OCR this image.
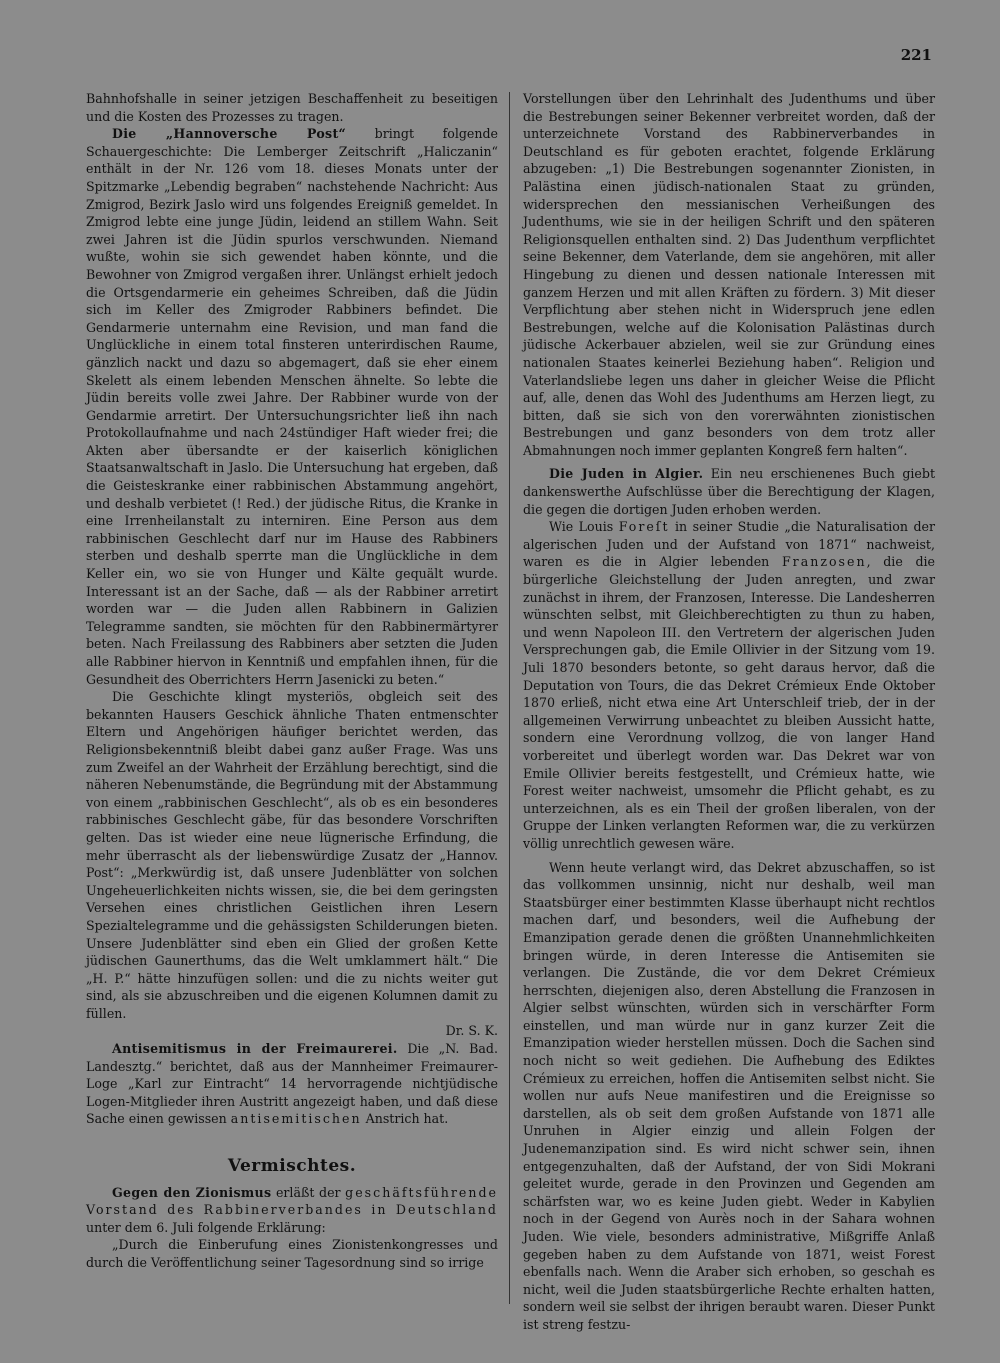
221

Bahnhofshalle in seiner jetzigen Beschaffenheit zu beseitigen und die Kosten des Prozesses zu tragen.

Die „Hannoversche Post“ bringt folgende Schauergeschichte: Die Lemberger Zeitschrift „Haliczanin“ enthält in der Nr. 126 vom 18. dieses Monats unter der Spitzmarke „Lebendig begraben“ nachstehende Nachricht: Aus Zmigrod, Bezirk Jaslo wird uns folgendes Ereigniß gemeldet. In Zmigrod lebte eine junge Jüdin, leidend an stillem Wahn. Seit zwei Jahren ist die Jüdin spurlos verschwunden. Niemand wußte, wohin sie sich gewendet haben könnte, und die Bewohner von Zmigrod vergaßen ihrer. Unlängst erhielt jedoch die Ortsgendarmerie ein geheimes Schreiben, daß die Jüdin sich im Keller des Zmigroder Rabbiners befindet. Die Gendarmerie unternahm eine Revision, und man fand die Unglückliche in einem total finsteren unterirdischen Raume, gänzlich nackt und dazu so abgemagert, daß sie eher einem Skelett als einem lebenden Menschen ähnelte. So lebte die Jüdin bereits volle zwei Jahre. Der Rabbiner wurde von der Gendarmie arretirt. Der Untersuchungsrichter ließ ihn nach Protokollaufnahme und nach 24stündiger Haft wieder frei; die Akten aber übersandte er der kaiserlich königlichen Staatsanwaltschaft in Jaslo. Die Untersuchung hat ergeben, daß die Geisteskranke einer rabbinischen Abstammung angehört, und deshalb verbietet (! Red.) der jüdische Ritus, die Kranke in eine Irrenheilanstalt zu interniren. Eine Person aus dem rabbinischen Geschlecht darf nur im Hause des Rabbiners sterben und deshalb sperrte man die Unglückliche in dem Keller ein, wo sie von Hunger und Kälte gequält wurde. Interessant ist an der Sache, daß — als der Rabbiner arretirt worden war — die Juden allen Rabbinern in Galizien Telegramme sandten, sie möchten für den Rabbinermärtyrer beten. Nach Freilassung des Rabbiners aber setzten die Juden alle Rabbiner hiervon in Kenntniß und empfahlen ihnen, für die Gesundheit des Oberrichters Herrn Jasenicki zu beten.“

Die Geschichte klingt mysteriös, obgleich seit des bekannten Hausers Geschick ähnliche Thaten entmenschter Eltern und Angehörigen häufiger berichtet werden, das Religionsbekenntniß bleibt dabei ganz außer Frage. Was uns zum Zweifel an der Wahrheit der Erzählung berechtigt, sind die näheren Nebenumstände, die Begründung mit der Abstammung von einem „rabbinischen Geschlecht“, als ob es ein besonderes rabbinisches Geschlecht gäbe, für das besondere Vorschriften gelten. Das ist wieder eine neue lügnerische Erfindung, die mehr überrascht als der liebenswürdige Zusatz der „Hannov. Post“: „Merkwürdig ist, daß unsere Judenblätter von solchen Ungeheuerlichkeiten nichts wissen, sie, die bei dem geringsten Versehen eines christlichen Geistlichen ihren Lesern Spezialtelegramme und die gehässigsten Schilderungen bieten. Unsere Judenblätter sind eben ein Glied der großen Kette jüdischen Gaunerthums, das die Welt umklammert hält.“ Die „H. P.“ hätte hinzufügen sollen: und die zu nichts weiter gut sind, als sie abzuschreiben und die eigenen Kolumnen damit zu füllen.
Dr. S. K.

Antisemitismus in der Freimaurerei. Die „N. Bad. Landesztg.“ berichtet, daß aus der Mannheimer Freimaurer-Loge „Karl zur Eintracht“ 14 hervorragende nichtjüdische Logen-Mitglieder ihren Austritt angezeigt haben, und daß diese Sache einen gewissen antisemitischen Anstrich hat.

Vermischtes.

Gegen den Zionismus erläßt der geschäftsführende Vorstand des Rabbinerverbandes in Deutschland unter dem 6. Juli folgende Erklärung:

„Durch die Einberufung eines Zionistenkongresses und durch die Veröffentlichung seiner Tagesordnung sind so irrige

Vorstellungen über den Lehrinhalt des Judenthums und über die Bestrebungen seiner Bekenner verbreitet worden, daß der unterzeichnete Vorstand des Rabbinerverbandes in Deutschland es für geboten erachtet, folgende Erklärung abzugeben: „1) Die Bestrebungen sogenannter Zionisten, in Palästina einen jüdisch-nationalen Staat zu gründen, widersprechen den messianischen Verheißungen des Judenthums, wie sie in der heiligen Schrift und den späteren Religionsquellen enthalten sind. 2) Das Judenthum verpflichtet seine Bekenner, dem Vaterlande, dem sie angehören, mit aller Hingebung zu dienen und dessen nationale Interessen mit ganzem Herzen und mit allen Kräften zu fördern. 3) Mit dieser Verpflichtung aber stehen nicht in Widerspruch jene edlen Bestrebungen, welche auf die Kolonisation Palästinas durch jüdische Ackerbauer abzielen, weil sie zur Gründung eines nationalen Staates keinerlei Beziehung haben“. Religion und Vaterlandsliebe legen uns daher in gleicher Weise die Pflicht auf, alle, denen das Wohl des Judenthums am Herzen liegt, zu bitten, daß sie sich von den vorerwähnten zionistischen Bestrebungen und ganz besonders von dem trotz aller Abmahnungen noch immer geplanten Kongreß fern halten“.

Die Juden in Algier. Ein neu erschienenes Buch giebt dankenswerthe Aufschlüsse über die Berechtigung der Klagen, die gegen die dortigen Juden erhoben werden.

Wie Louis Foreſt in seiner Studie „die Naturalisation der algerischen Juden und der Aufstand von 1871“ nachweist, waren es die in Algier lebenden Franzosen, die die bürgerliche Gleichstellung der Juden anregten, und zwar zunächst in ihrem, der Franzosen, Interesse. Die Landesherren wünschten selbst, mit Gleichberechtigten zu thun zu haben, und wenn Napoleon III. den Vertretern der algerischen Juden Versprechungen gab, die Emile Ollivier in der Sitzung vom 19. Juli 1870 besonders betonte, so geht daraus hervor, daß die Deputation von Tours, die das Dekret Crémieux Ende Oktober 1870 erließ, nicht etwa eine Art Unterschleif trieb, der in der allgemeinen Verwirrung unbeachtet zu bleiben Aussicht hatte, sondern eine Verordnung vollzog, die von langer Hand vorbereitet und überlegt worden war. Das Dekret war von Emile Ollivier bereits festgestellt, und Crémieux hatte, wie Forest weiter nachweist, umsomehr die Pflicht gehabt, es zu unterzeichnen, als es ein Theil der großen liberalen, von der Gruppe der Linken verlangten Reformen war, die zu verkürzen völlig unrechtlich gewesen wäre.

Wenn heute verlangt wird, das Dekret abzuschaffen, so ist das vollkommen unsinnig, nicht nur deshalb, weil man Staatsbürger einer bestimmten Klasse überhaupt nicht rechtlos machen darf, und besonders, weil die Aufhebung der Emanzipation gerade denen die größten Unannehmlichkeiten bringen würde, in deren Interesse die Antisemiten sie verlangen. Die Zustände, die vor dem Dekret Crémieux herrschten, diejenigen also, deren Abstellung die Franzosen in Algier selbst wünschten, würden sich in verschärfter Form einstellen, und man würde nur in ganz kurzer Zeit die Emanzipation wieder herstellen müssen. Doch die Sachen sind noch nicht so weit gediehen. Die Aufhebung des Ediktes Crémieux zu erreichen, hoffen die Antisemiten selbst nicht. Sie wollen nur aufs Neue manifestiren und die Ereignisse so darstellen, als ob seit dem großen Aufstande von 1871 alle Unruhen in Algier einzig und allein Folgen der Judenemanzipation sind. Es wird nicht schwer sein, ihnen entgegenzuhalten, daß der Aufstand, der von Sidi Mokrani geleitet wurde, gerade in den Provinzen und Gegenden am schärfsten war, wo es keine Juden giebt. Weder in Kabylien noch in der Gegend von Aurès noch in der Sahara wohnen Juden. Wie viele, besonders administrative, Mißgriffe Anlaß gegeben haben zu dem Aufstande von 1871, weist Forest ebenfalls nach. Wenn die Araber sich erhoben, so geschah es nicht, weil die Juden staatsbürgerliche Rechte erhalten hatten, sondern weil sie selbst der ihrigen beraubt waren. Dieser Punkt ist streng festzu-
